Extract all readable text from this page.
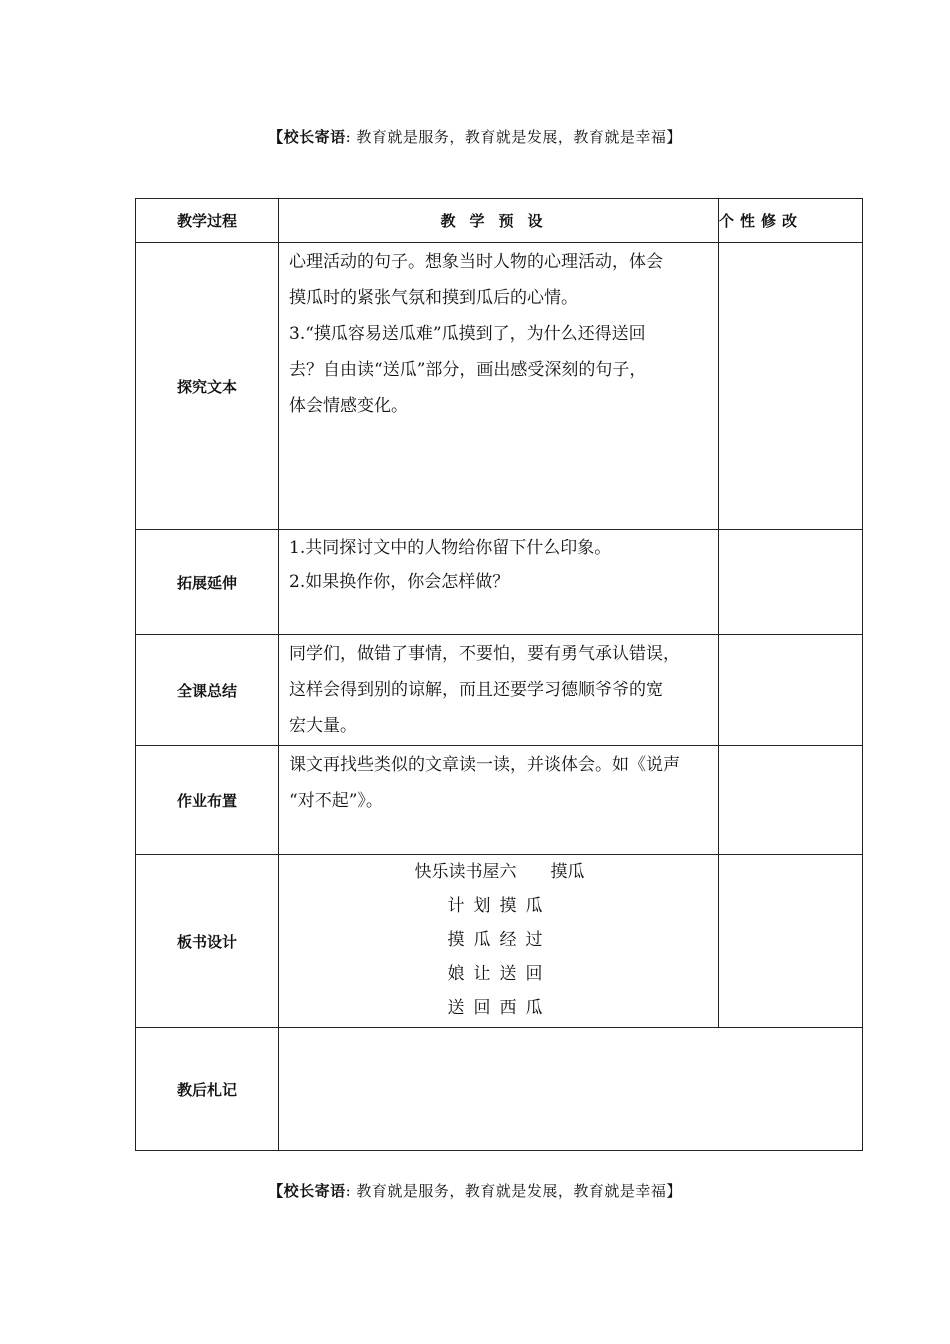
【校长寄语: 教育就是服务，教育就是发展，教育就是幸福】
教学过程	教学预设	个性修改
探究文本	心理活动的句子。想象当时人物的心理活动，体会

摸瓜时的紧张气氛和摸到瓜后的心情。

3.“摸瓜容易送瓜难”瓜摸到了，为什么还得送回

去？自由读“送瓜”部分，画出感受深刻的句子，

体会情感变化。	

拓展延伸	1.共同探讨文中的人物给你留下什么印象。

2.如果换作你，你会怎样做？	

全课总结	同学们，做错了事情，不要怕，要有勇气承认错误，

这样会得到别的谅解，而且还要学习德顺爷爷的宽

宏大量。	

作业布置	课文再找些类似的文章读一读，并谈体会。如《说声

“对不起”》。	

板书设计	快乐读书屋六　　摸瓜

计划摸瓜

摸瓜经过

娘让送回

送回西瓜	

教后札记		
【校长寄语: 教育就是服务，教育就是发展，教育就是幸福】
